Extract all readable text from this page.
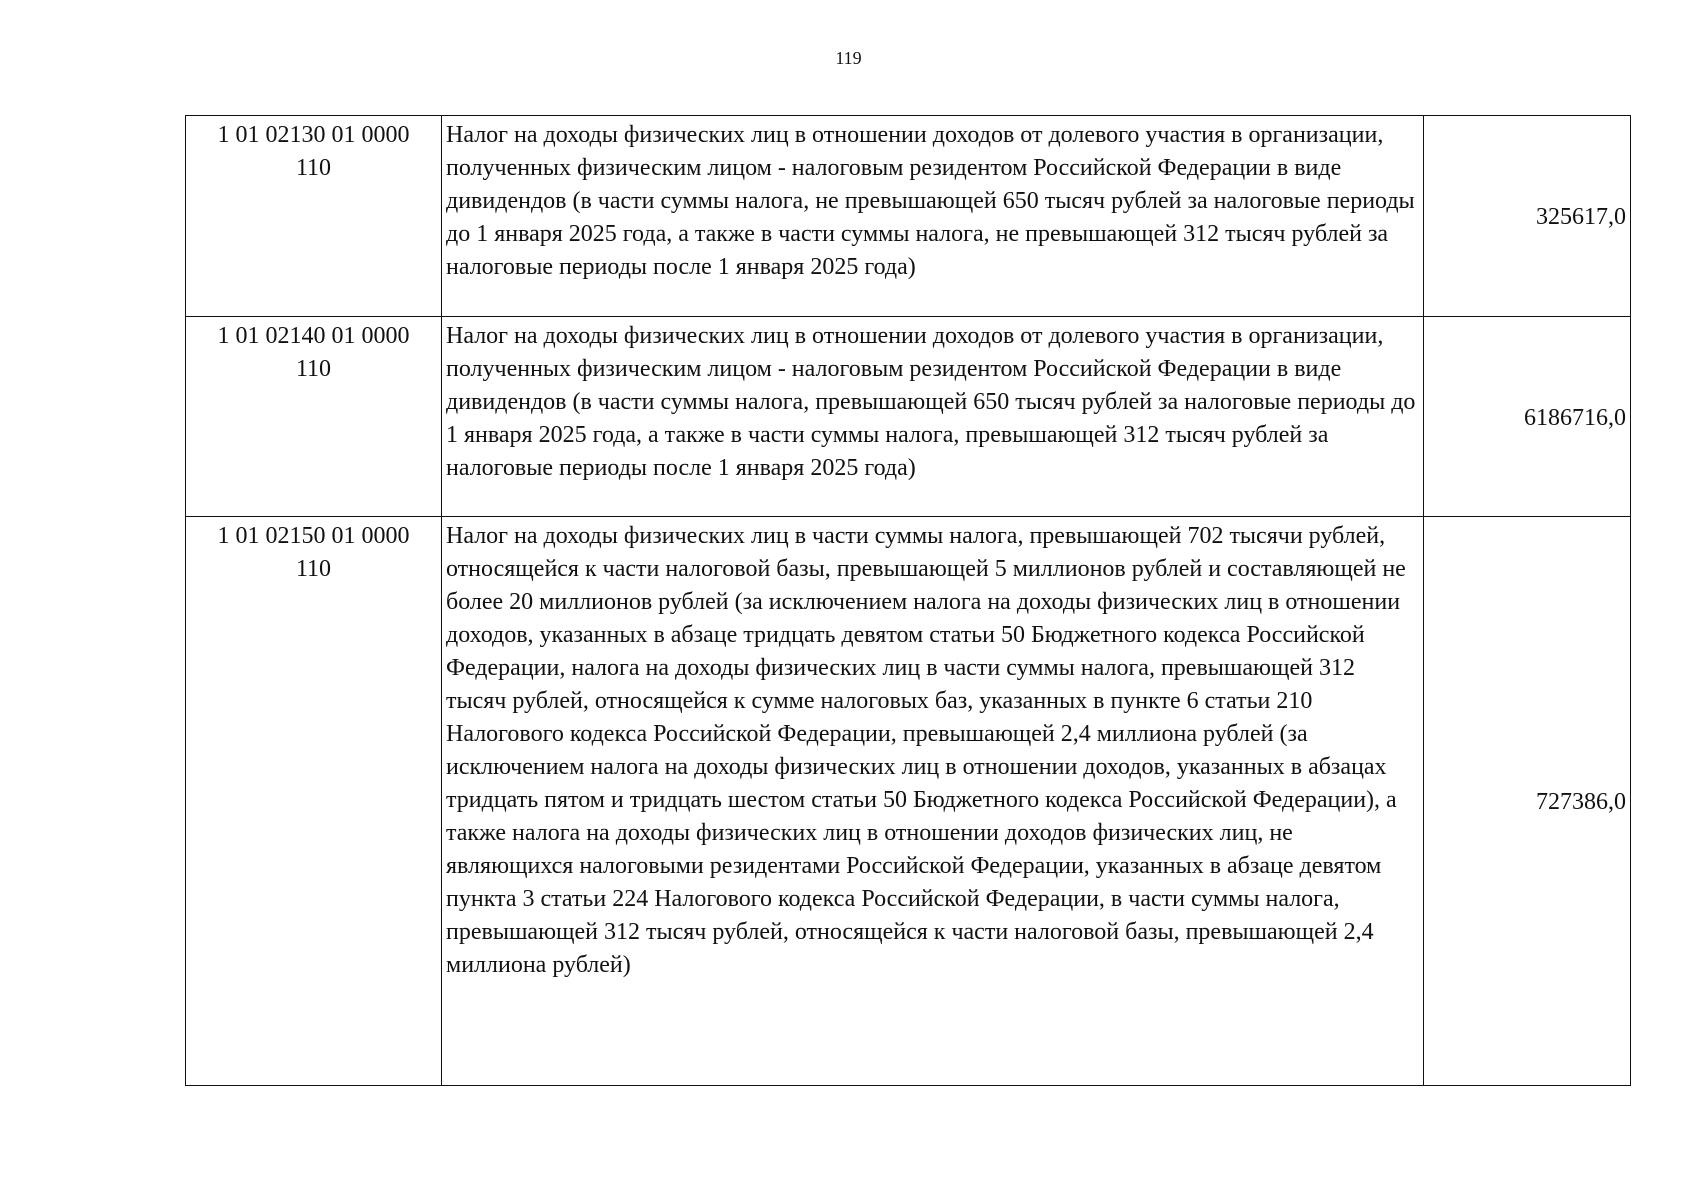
119
1 01 02130 01 0000
110	Налог на доходы физических лиц в отношении доходов от долевого участия в организации, полученных физическим лицом - налоговым резидентом Российской Федерации в виде дивидендов (в части суммы налога, не превышающей 650 тысяч рублей за налоговые периоды до 1 января 2025 года, а также в части суммы налога, не превышающей 312 тысяч рублей за налоговые периоды после 1 января 2025 года)	325617,0

1 01 02140 01 0000
110	Налог на доходы физических лиц в отношении доходов от долевого участия в организации, полученных физическим лицом - налоговым резидентом Российской Федерации в виде дивидендов (в части суммы налога, превышающей 650 тысяч рублей за налоговые периоды до 1 января 2025 года, а также в части суммы налога, превышающей 312 тысяч рублей за налоговые периоды после 1 января 2025 года)	6186716,0

1 01 02150 01 0000
110	Налог на доходы физических лиц в части суммы налога, превышающей 702 тысячи рублей, относящейся к части налоговой базы, превышающей 5 миллионов рублей и составляющей не более 20 миллионов рублей (за исключением налога на доходы физических лиц в отношении доходов, указанных в абзаце тридцать девятом статьи 50 Бюджетного кодекса Российской Федерации, налога на доходы физических лиц в части суммы налога, превышающей 312 тысяч рублей, относящейся к сумме налоговых баз, указанных в пункте 6 статьи 210 Налогового кодекса Российской Федерации, превышающей 2,4 миллиона рублей (за исключением налога на доходы физических лиц в отношении доходов, указанных в абзацах тридцать пятом и тридцать шестом статьи 50 Бюджетного кодекса Российской Федерации), а также налога на доходы физических лиц в отношении доходов физических лиц, не являющихся налоговыми резидентами Российской Федерации, указанных в абзаце девятом пункта 3 статьи 224 Налогового кодекса Российской Федерации, в части суммы налога, превышающей 312 тысяч рублей, относящейся к части налоговой базы, превышающей 2,4 миллиона рублей)	727386,0
